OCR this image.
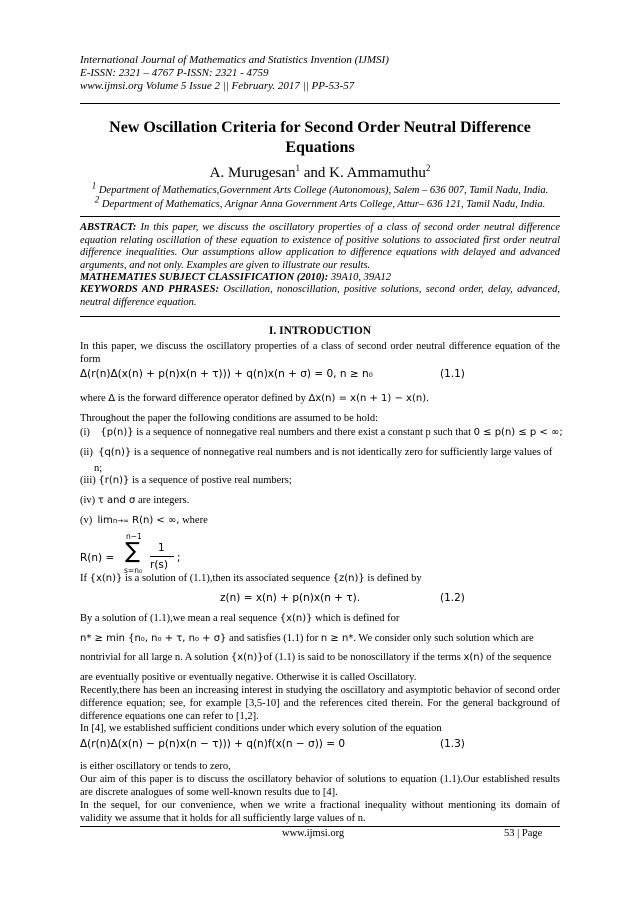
International Journal of Mathematics and Statistics Invention (IJMSI)
E-ISSN: 2321 – 4767 P-ISSN: 2321 - 4759
www.ijmsi.org Volume 5 Issue 2 || February. 2017 || PP-53-57
New Oscillation Criteria for Second Order Neutral Difference
Equations
A. Murugesan$^1$ and K. Ammamuthu$^2$
$^1$ Department of Mathematics,Government Arts College (Autonomous), Salem – 636 007, Tamil Nadu, India.
$^2$ Department of Mathematics, Arignar Anna Government Arts College, Attur– 636 121, Tamil Nadu, India.
ABSTRACT: In this paper, we discuss the oscillatory properties of a class of second order neutral difference equation relating oscillation of these equation to existence of positive solutions to associated first order neutral difference inequalities. Our assumptions allow application to difference equations with delayed and advanced arguments, and not only. Examples are given to illustrate our results.
MATHEMATIES SUBJECT CLASSIFICATION (2010): 39A10, 39A12
KEYWORDS AND PHRASES: Oscillation, nonoscillation, positive solutions, second order, delay, advanced, neutral difference equation.
I. INTRODUCTION
In this paper, we discuss the oscillatory properties of a class of second order neutral difference equation of the form
Δ(r(n)Δ(x(n) + p(n)x(n + τ))) + q(n)x(n + σ) = 0, n ≥ n₀	(1.1)
where Δ is the forward difference operator defined by Δx(n) = x(n + 1) − x(n).
Throughout the paper the following conditions are assumed to be hold:
(i) {p(n)} is a sequence of nonnegative real numbers and there exist a constant p such that 0 ≤ p(n) ≤ p < ∞;
(ii) {q(n)} is a sequence of nonnegative real numbers and is not identically zero for sufficiently large values of
n;
(iii) {r(n)} is a sequence of postive real numbers;
(iv) τ and σ are integers.
(v) limn→∞ R(n) < ∞, where
R(n) =
n−1
∑
s=n₀
1
r(s)
;
If {x(n)} is a solution of (1.1),then its associated sequence {z(n)} is defined by
z(n) = x(n) + p(n)x(n + τ).	(1.2)
By a solution of (1.1),we mean a real sequence {x(n)} which is defined for
n* ≥ min {n₀, n₀ + τ, n₀ + σ} and satisfies (1.1) for n ≥ n*. We consider only such solution which are
nontrivial for all large n. A solution {x(n)}of (1.1) is said to be nonoscillatory if the terms x(n) of the sequence
are eventually positive or eventually negative. Otherwise it is called Oscillatory.
Recently,there has been an increasing interest in studying the oscillatory and asymptotic behavior of second order difference equation; see, for example [3,5-10] and the references cited therein. For the general background of difference equations one can refer to [1,2].
In [4], we established sufficient conditions under which every solution of the equation
Δ(r(n)Δ(x(n) − p(n)x(n − τ))) + q(n)f(x(n − σ)) = 0	(1.3)
is either oscillatory or tends to zero,
Our aim of this paper is to discuss the oscillatory behavior of solutions to equation (1.1).Our established results are discrete analogues of some well-known results due to [4].
In the sequel, for our convenience, when we write a fractional inequality without mentioning its domain of validity we assume that it holds for all sufficiently large values of n.
www.ijmsi.org	53 | Page
